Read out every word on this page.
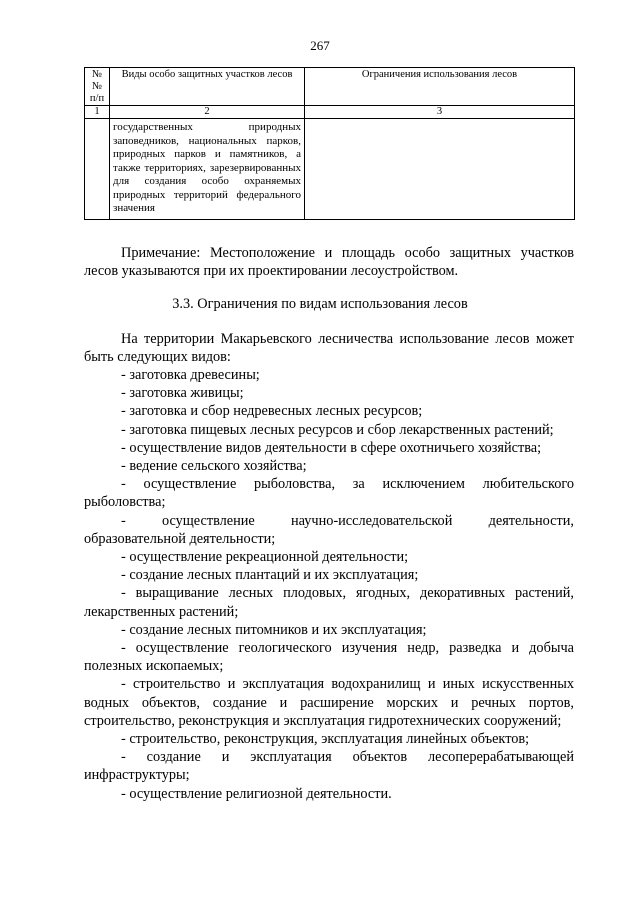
267
№№ п/п	Виды особо защитных участков лесов	Ограничения использования лесов
1	2	3
	государственных природных заповедников, национальных парков, природных парков и памятников, а также территориях, зарезервированных для создания особо охраняемых природных территорий федерального значения	

Примечание: Местоположение и площадь особо защитных участков лесов указываются при их проектировании лесоустройством.

3.3. Ограничения по видам использования лесов

На территории Макарьевского лесничества использование лесов может быть следующих видов:

- заготовка древесины;
- заготовка живицы;
- заготовка и сбор недревесных лесных ресурсов;
- заготовка пищевых лесных ресурсов и сбор лекарственных растений;
- осуществление видов деятельности в сфере охотничьего хозяйства;
- ведение сельского хозяйства;
- осуществление рыболовства, за исключением любительского рыболовства;
- осуществление научно-исследовательской деятельности, образовательной деятельности;
- осуществление рекреационной деятельности;
- создание лесных плантаций и их эксплуатация;
- выращивание лесных плодовых, ягодных, декоративных растений, лекарственных растений;
- создание лесных питомников и их эксплуатация;
- осуществление геологического изучения недр, разведка и добыча полезных ископаемых;
- строительство и эксплуатация водохранилищ и иных искусственных водных объектов, создание и расширение морских и речных портов, строительство, реконструкция и эксплуатация гидротехнических сооружений;
- строительство, реконструкция, эксплуатация линейных объектов;
- создание и эксплуатация объектов лесоперерабатывающей инфраструктуры;
- осуществление религиозной деятельности.
